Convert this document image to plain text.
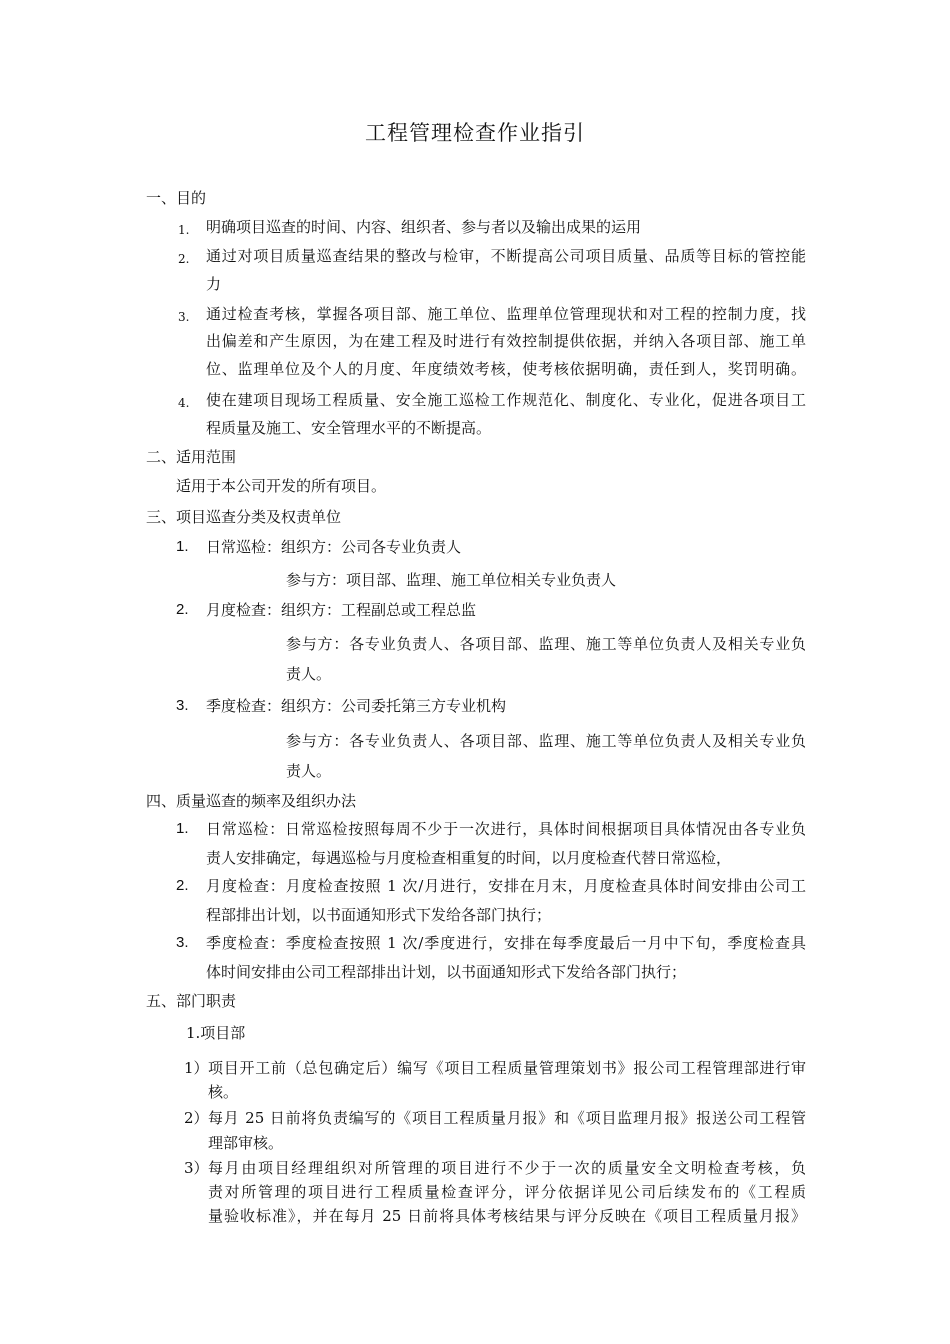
工程管理检查作业指引
一、目的
1. 明确项目巡查的时间、内容、组织者、参与者以及输出成果的运用
2. 通过对项目质量巡查结果的整改与检审，不断提高公司项目质量、品质等目标的管控能
力
3. 通过检查考核，掌握各项目部、施工单位、监理单位管理现状和对工程的控制力度，找
出偏差和产生原因，为在建工程及时进行有效控制提供依据，并纳入各项目部、施工单
位、监理单位及个人的月度、年度绩效考核，使考核依据明确，责任到人，奖罚明确。
4. 使在建项目现场工程质量、安全施工巡检工作规范化、制度化、专业化，促进各项目工
程质量及施工、安全管理水平的不断提高。
二、适用范围
适用于本公司开发的所有项目。
三、项目巡查分类及权责单位
1. 日常巡检：组织方：公司各专业负责人
参与方：项目部、监理、施工单位相关专业负责人
2. 月度检查：组织方：工程副总或工程总监
参与方：各专业负责人、各项目部、监理、施工等单位负责人及相关专业负
责人。
3. 季度检查：组织方：公司委托第三方专业机构
参与方：各专业负责人、各项目部、监理、施工等单位负责人及相关专业负
责人。
四、质量巡查的频率及组织办法
1. 日常巡检：日常巡检按照每周不少于一次进行，具体时间根据项目具体情况由各专业负
责人安排确定，每遇巡检与月度检查相重复的时间，以月度检查代替日常巡检，
2. 月度检查：月度检查按照 1 次/月进行，安排在月末，月度检查具体时间安排由公司工
程部排出计划，以书面通知形式下发给各部门执行；
3. 季度检查：季度检查按照 1 次/季度进行，安排在每季度最后一月中下旬，季度检查具
体时间安排由公司工程部排出计划，以书面通知形式下发给各部门执行；
五、部门职责
1.项目部
1） 项目开工前（总包确定后）编写《项目工程质量管理策划书》报公司工程管理部进行审
核。
2） 每月 25 日前将负责编写的《项目工程质量月报》和《项目监理月报》报送公司工程管
理部审核。
3） 每月由项目经理组织对所管理的项目进行不少于一次的质量安全文明检查考核，负
责对所管理的项目进行工程质量检查评分，评分依据详见公司后续发布的《工程质
量验收标准》，并在每月 25 日前将具体考核结果与评分反映在《项目工程质量月报》
